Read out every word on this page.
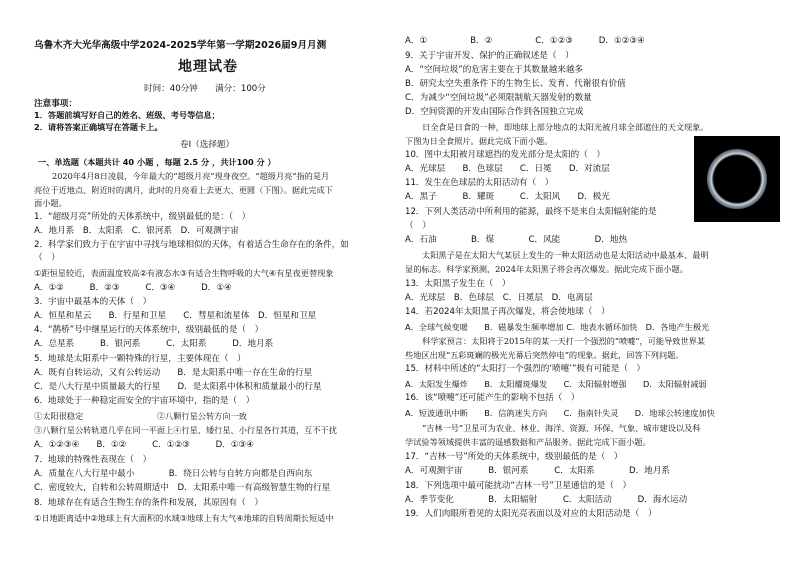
乌鲁木齐大光华高级中学2024-2025学年第一学期2026届9月月测
地理试卷
时间：40分钟　　满分：100分
注意事项：
1．答题前填写好自己的姓名、班级、考号等信息；
2．请将答案正确填写在答题卡上。
卷Ⅰ（选择题）
一、单选题（本题共计 40 小题 ，每题 2.5 分 ，共计100 分 ）
2020年4月8日凌晨，今年最大的“超级月亮”现身夜空。“超级月亮”指的是月
亮位于近地点、附近时的满月，此时的月亮看上去更大、更圆（下图）。据此完成下
面小题。
1．“超级月亮”所处的天体系统中，级别最低的是：（　）
A．地月系　B．太阳系　C．银河系　D．可观测宇宙
2．科学家们致力于在宇宙中寻找与地球相似的天体，有着适合生命存在的条件，如
（　）
①距恒星较近，表面温度较高②有液态水③有适合生物呼吸的大气④有星夜更替现象
A．①②　　　B．②③　　　C．③④　　　D．①④
3．宇宙中最基本的天体（　）
A．恒星和星云　　B．行星和卫星　　C．彗星和流星体　D．恒星和卫星
4．“鹊桥”号中继星运行的天体系统中，级别最低的是（　）
A．总星系　　　B．银河系　　　C．太阳系　　　D．地月系
5．地球是太阳系中一颗特殊的行星，主要体现在（　）
A．既有自转运动，又有公转运动　　B．是太阳系中唯一存在生命的行星
C．是八大行星中质量最大的行星　　D．是太阳系中体积和质量最小的行星
6．地球处于一种稳定而安全的宇宙环境中，指的是（　）
①太阳很稳定　　　　　　　　　②八颗行星公转方向一致
③八颗行星公转轨道几乎在同一平面上④行星、矮行星、小行星各行其道，互不干扰
A．①②③④　　B．①②　　　C．①②③　　　D．①③④
7．地球的特殊性表现在（　）
A．质量在八大行星中最小　　　　B．绕日公转与自转方向都是自西向东
C．密度较大，自转和公转周期适中　D．太阳系中唯一有高级智慧生物的行星
8．地球存在有适合生物生存的条件和发展，其原因有（　）
①日地距离适中②地球上有大面积的水域③地球上有大气④地球的自转周期长短适中
A．①　　　　　B．②　　　　　C．①②③　　　D．①②③④
9．关于宇宙开发、保护的正确叙述是（　）
A．“空间垃圾”的危害主要在于其数量越来越多
B．研究太空失重条件下的生物生长、发育、代谢很有价值
C．为减少“空间垃圾”必须限制航天器发射的数量
D．空间资源的开发由国际合作到各国独立完成
日全食是日食的一种，即地球上部分地点的太阳光被月球全部遮住的天文现象。
下图为日全食照片。据此完成下面小题。
10．图中太阳被月球遮挡的发光部分是太阳的（　）
A．光球层　　B．色球层　　C．日冕　　D．对流层
11．发生在色球层的太阳活动有（　）
A．黑子　　　B．耀斑　　　C．太阳风　　D．极光
12．下列人类活动中所利用的能源，最终不是来自太阳辐射能的是
（　）
A．石油　　　　B．煤　　　　C．风能　　　　D．地热
太阳黑子是在太阳大气某层上发生的一种太阳活动也是太阳活动中最基本、最明
显的标志。科学家预测，2024年太阳黑子将会再次爆发。据此完成下面小题。
13．太阳黑子发生在（　）
A．光球层　B．色球层　C．日冕层　D．电离层
14．若2024年太阳黑子再次爆发，将会使地球（　）
A．全球气候变暖　　B．磁暴发生频率增加 C．地表水循环加快　D．各地产生极光
科学家预言：太阳将于2015年的某一天打一个强烈的“喷嚏”，可能导致世界某
些地区出现“五彩斑斓的极光光幕后突然停电”的现象。据此，回答下列问题。
15．材料中所述的“太阳打一个强烈的‘喷嚏’”极有可能是（　）
A．太阳发生爆炸　　B．太阳耀斑爆发　　C．太阳辐射增强　　D．太阳辐射减弱
16．该“喷嚏”还可能产生的影响不包括（　）
A．短波通讯中断　　B．信鸽迷失方向　　C．指南针失灵　　D．地球公转速度加快
“吉林一号”卫星可为农业、林业、海洋、资源、环保、气象、城市建设以及科
学试验等领域提供丰富的遥感数据和产品服务。据此完成下面小题。
17．“吉林一号”所处的天体系统中，级别最低的是（　）
A．可观测宇宙　　　B．银河系　　　C．太阳系　　　　D．地月系
18．下列选项中最可能扰动“吉林一号”卫星通信的是（　）
A．季节变化　　　　B．太阳辐射　　　C．太阳活动　　　D．海水运动
19．人们肉眼所看见的太阳光亮表面以及对应的太阳活动是（　）
